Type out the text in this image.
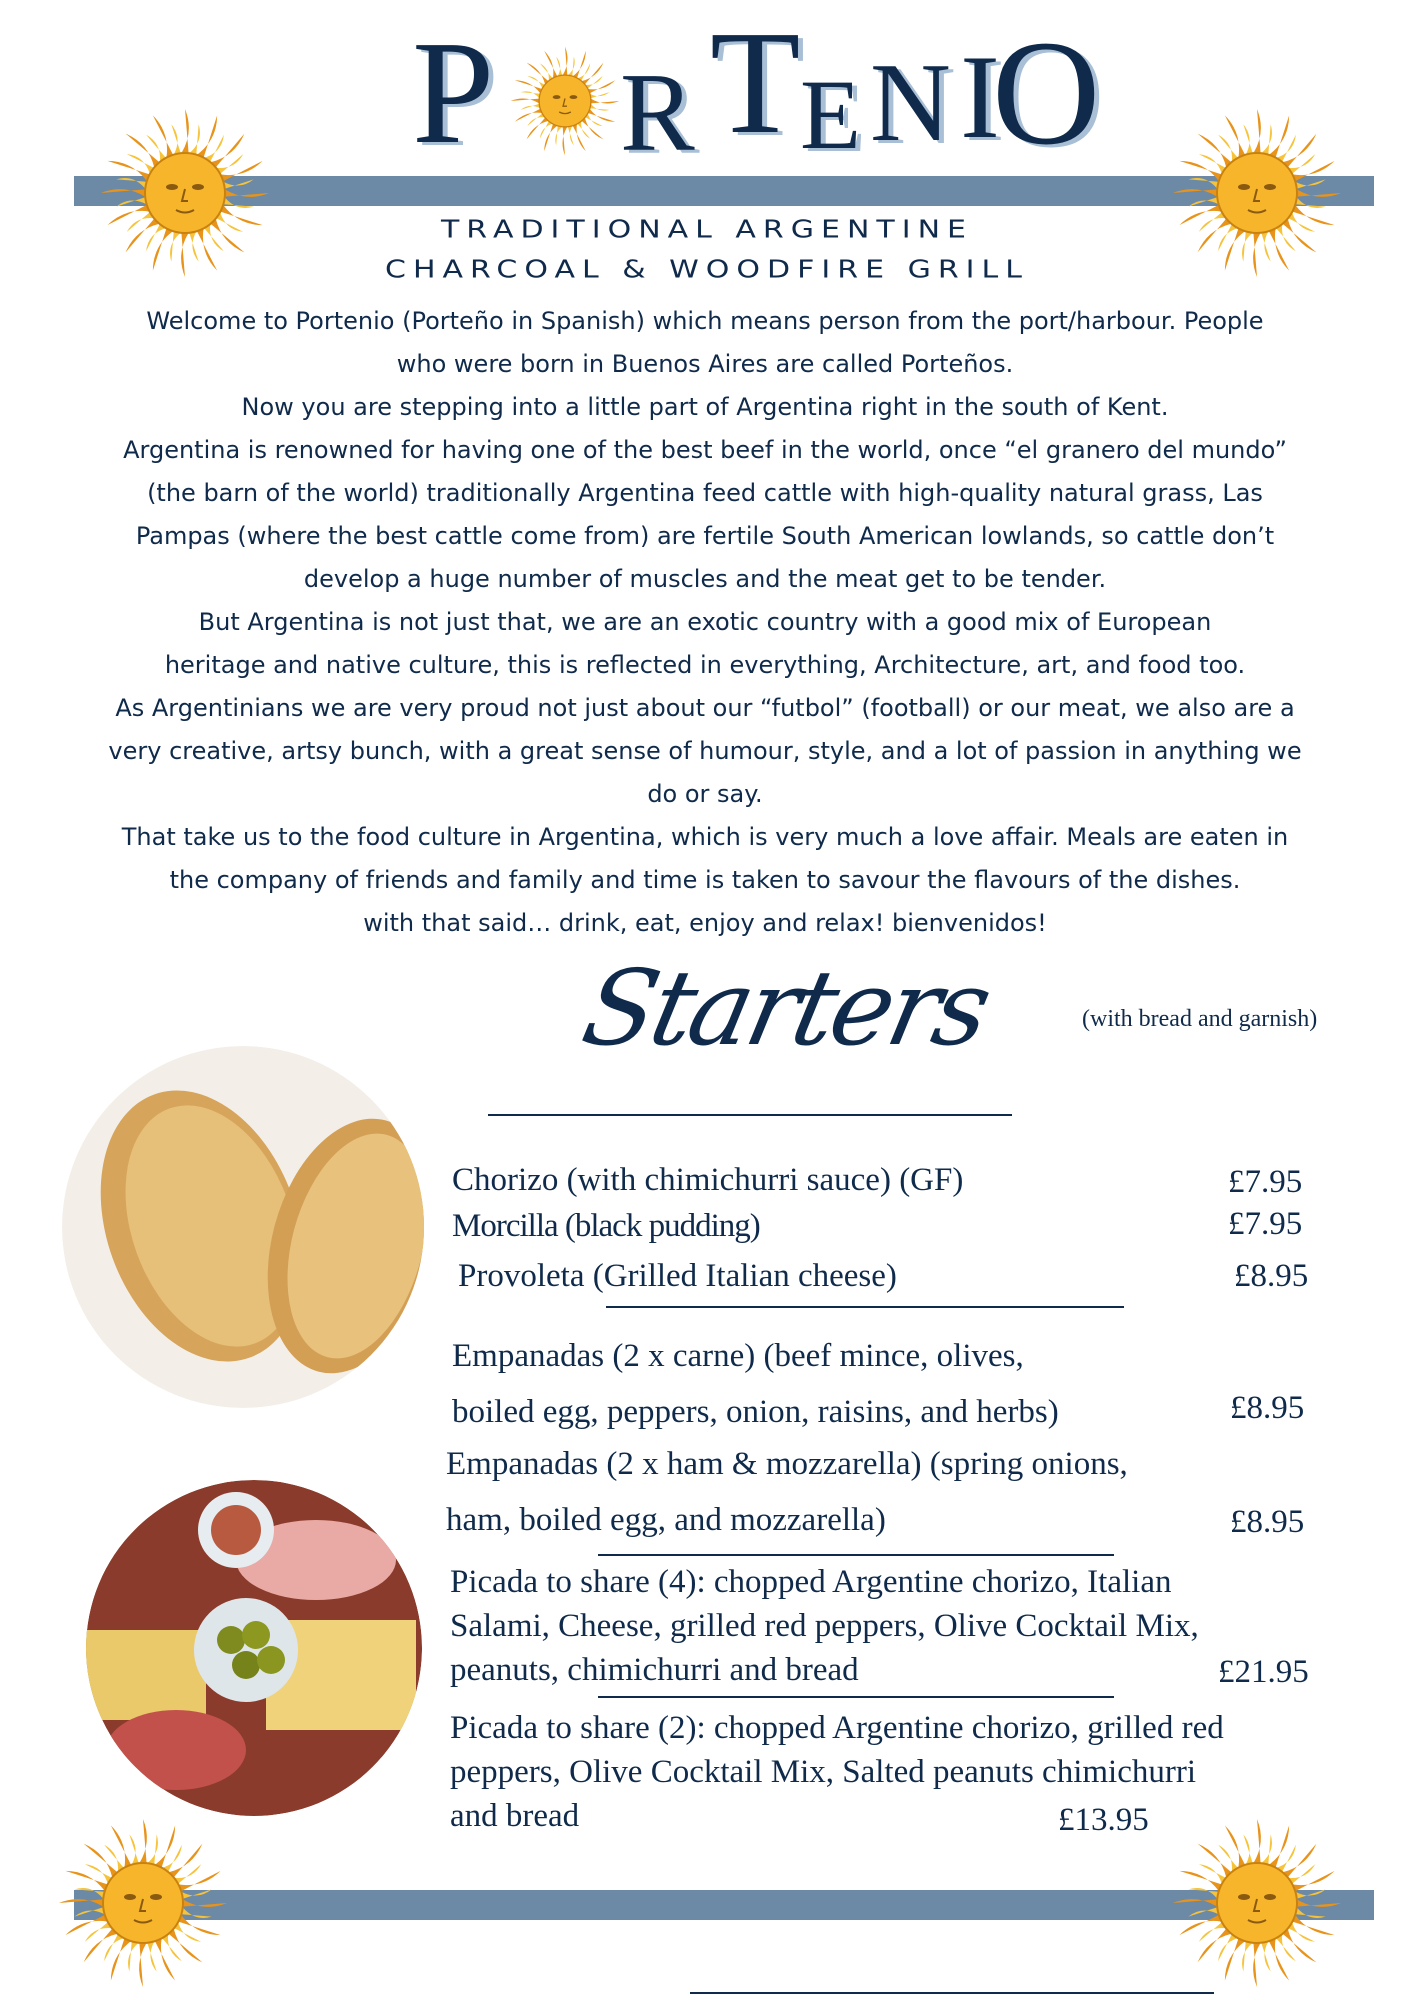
P R T E N I
O
TRADITIONAL ARGENTINE
CHARCOAL & WOODFIRE GRILL

Welcome to Portenio (Porteño in Spanish) which means person from the port/harbour. People who were born in Buenos Aires are called Porteños.

Now you are stepping into a little part of Argentina right in the south of Kent.

Argentina is renowned for having one of the best beef in the world, once “el granero del mundo” (the barn of the world) traditionally Argentina feed cattle with high-quality natural grass, Las Pampas (where the best cattle come from) are fertile South American lowlands, so cattle don’t develop a huge number of muscles and the meat get to be tender.

But Argentina is not just that, we are an exotic country with a good mix of European heritage and native culture, this is reflected in everything, Architecture, art, and food too.

As Argentinians we are very proud not just about our “futbol” (football) or our meat, we also are a very creative, artsy bunch, with a great sense of humour, style, and a lot of passion in anything we do or say.

That take us to the food culture in Argentina, which is very much a love affair. Meals are eaten in the company of friends and family and time is taken to savour the flavours of the dishes.

with that said… drink, eat, enjoy and relax! bienvenidos!

Starters	(with bread and garnish)
Chorizo (with chimichurri sauce) (GF)	£7.95
Morcilla (black pudding)	£7.95
Provoleta (Grilled Italian cheese)	£8.95
Empanadas (2 x carne) (beef mince, olives,
boiled egg, peppers, onion, raisins, and herbs)	£8.95
Empanadas (2 x ham & mozzarella) (spring onions,
ham, boiled egg, and mozzarella)	£8.95
Picada to share (4): chopped Argentine chorizo, Italian
Salami, Cheese, grilled red peppers, Olive Cocktail Mix,
peanuts, chimichurri and bread	£21.95
Picada to share (2): chopped Argentine chorizo, grilled red
peppers, Olive Cocktail Mix, Salted peanuts chimichurri
and bread	£13.95
